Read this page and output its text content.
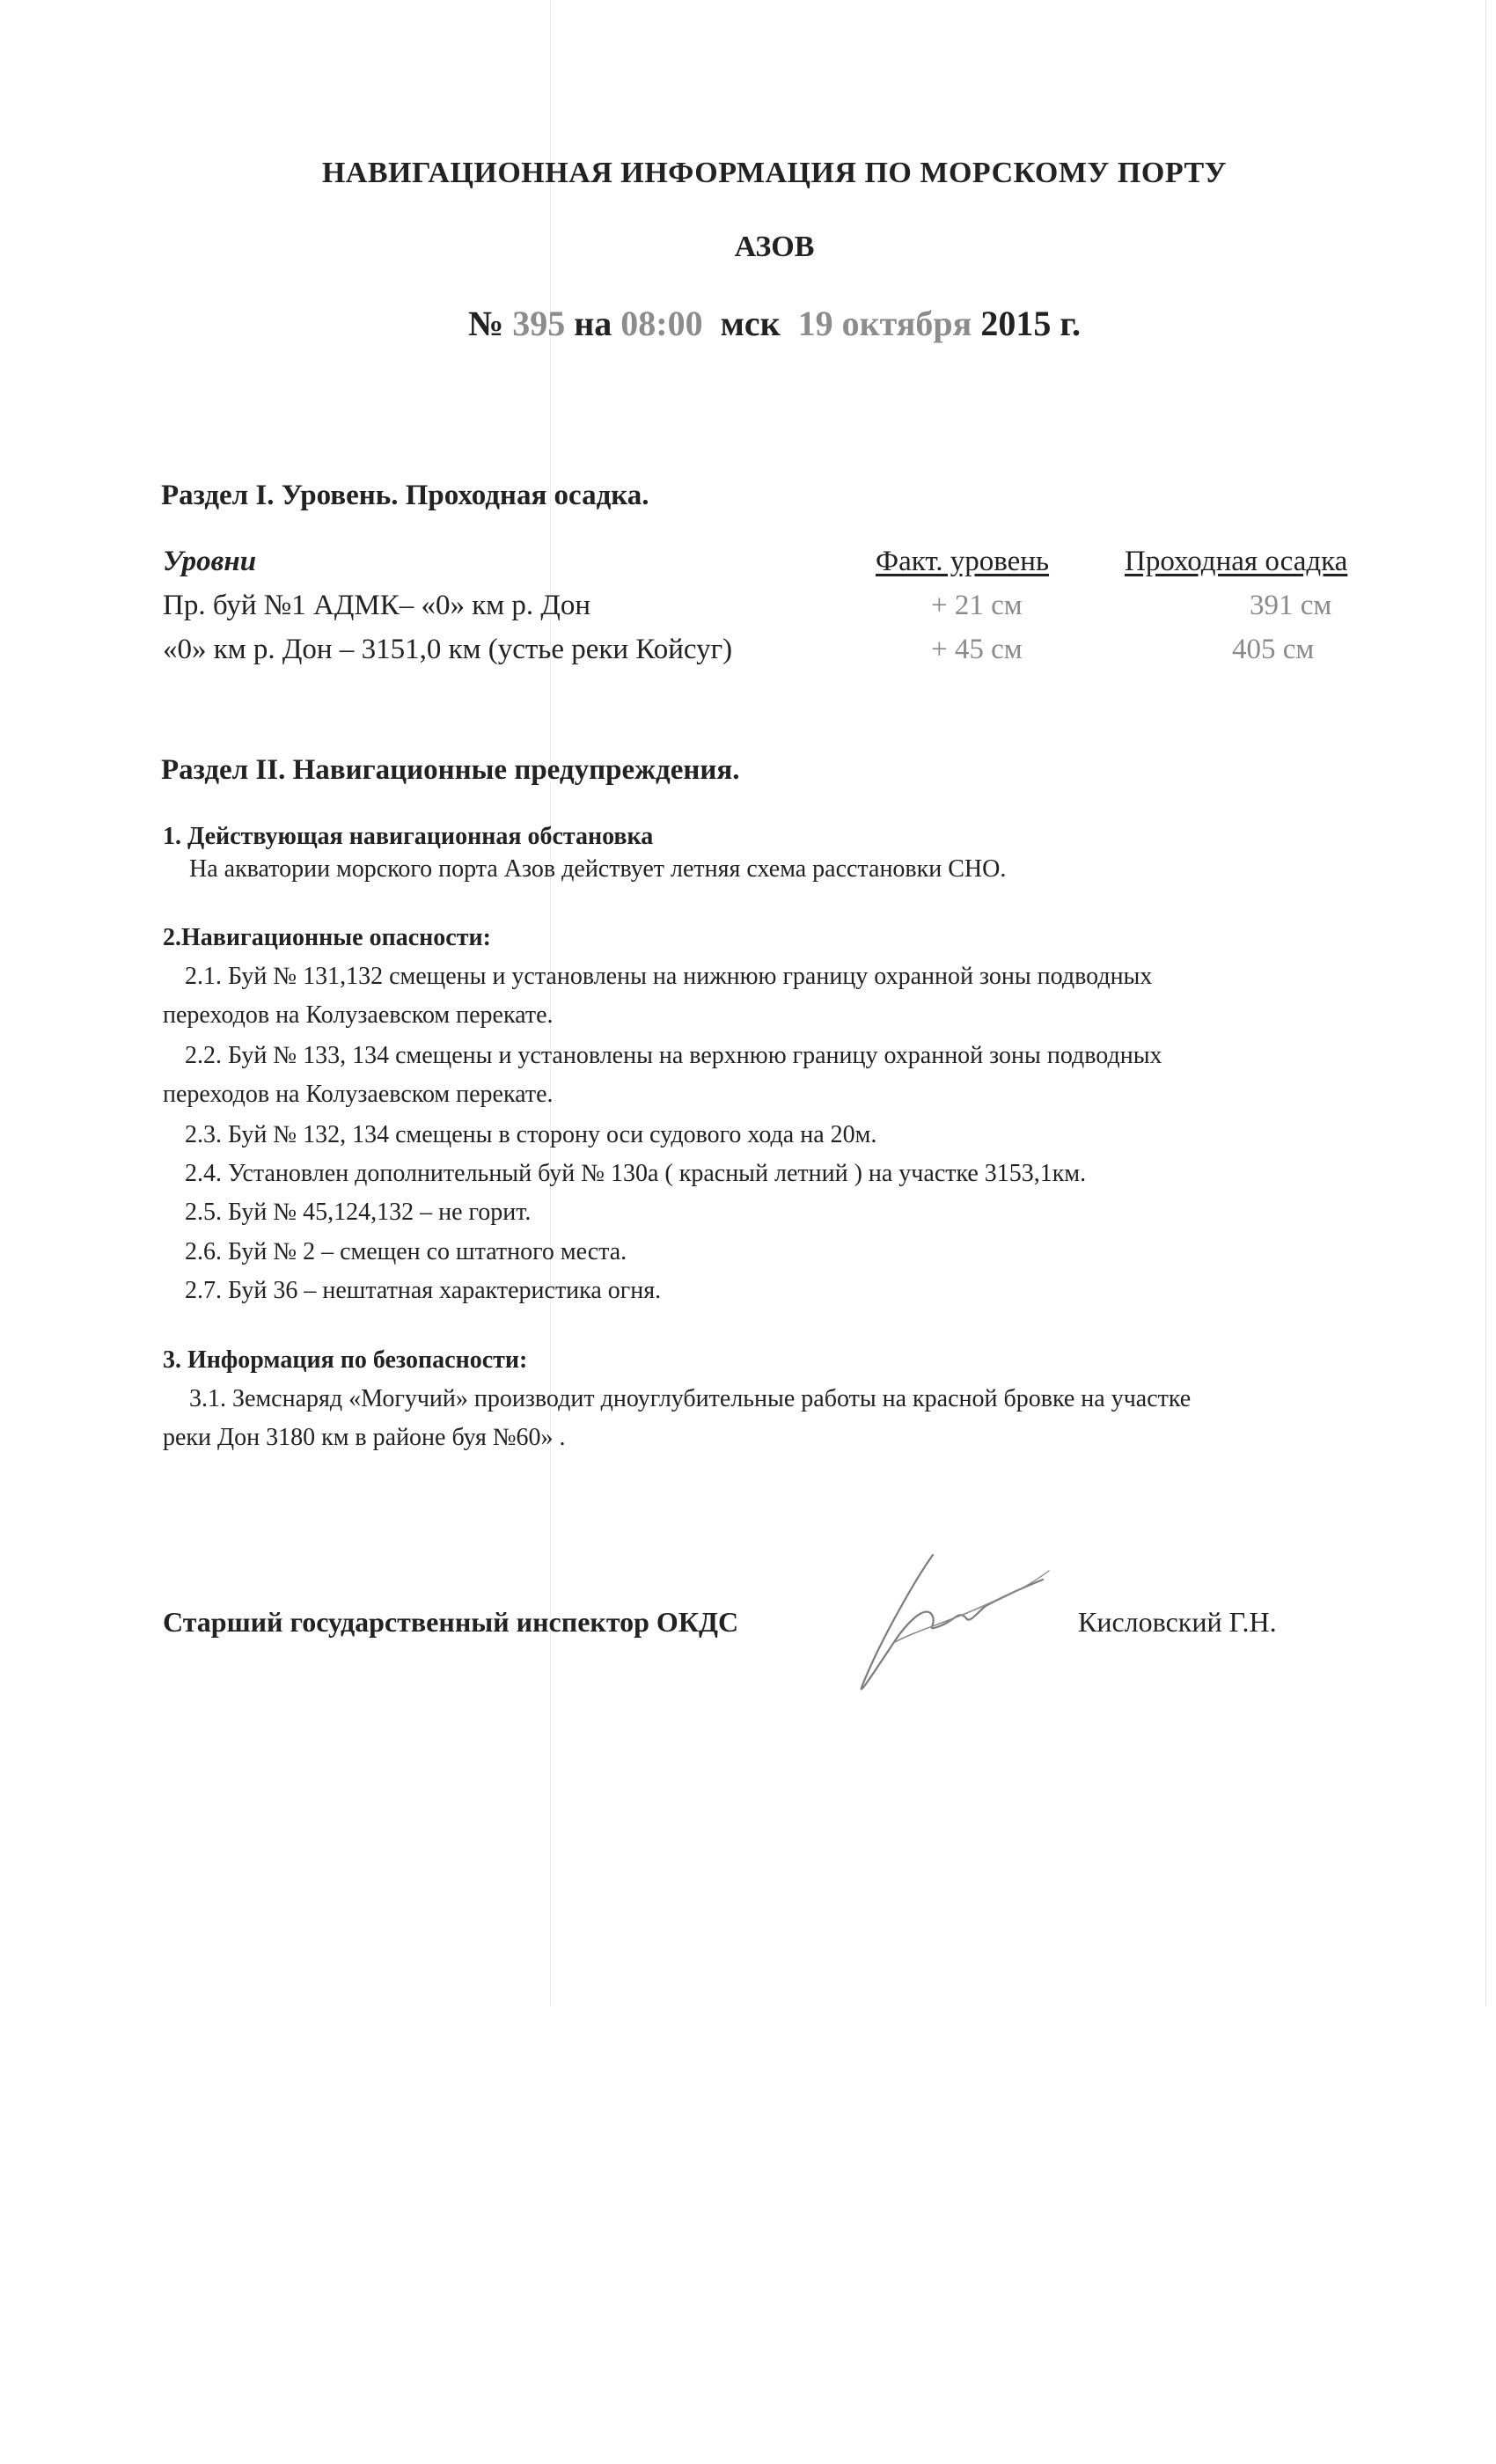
НАВИГАЦИОННАЯ ИНФОРМАЦИЯ ПО МОРСКОМУ ПОРТУ
АЗОВ
№ 395 на 08:00 мск 19 октября 2015 г.
Раздел I. Уровень. Проходная осадка.
Уровни	Факт. уровень	Проходная осадка
Пр. буй №1 АДМК– «0» км р. Дон	+ 21 см	391 см
«0» км р. Дон – 3151,0 км (устье реки Койсуг)	+ 45 см	405 см
Раздел II. Навигационные предупреждения.
1. Действующая навигационная обстановка
На акватории морского порта Азов действует летняя схема расстановки СНО.
2.Навигационные опасности:
2.1. Буй № 131,132 смещены и установлены на нижнюю границу охранной зоны подводных
переходов на Колузаевском перекате.
2.2. Буй № 133, 134 смещены и установлены на верхнюю границу охранной зоны подводных
переходов на Колузаевском перекате.
2.3. Буй № 132, 134 смещены в сторону оси судового хода на 20м.
2.4. Установлен дополнительный буй № 130а ( красный летний ) на участке 3153,1км.
2.5. Буй № 45,124,132 – не горит.
2.6. Буй № 2 – смещен со штатного места.
2.7. Буй 36 – нештатная характеристика огня.
3. Информация по безопасности:
3.1. Земснаряд «Могучий» производит дноуглубительные работы на красной бровке на участке
реки Дон 3180 км в районе буя №60» .
Старший государственный инспектор ОКДС	Кисловский Г.Н.
